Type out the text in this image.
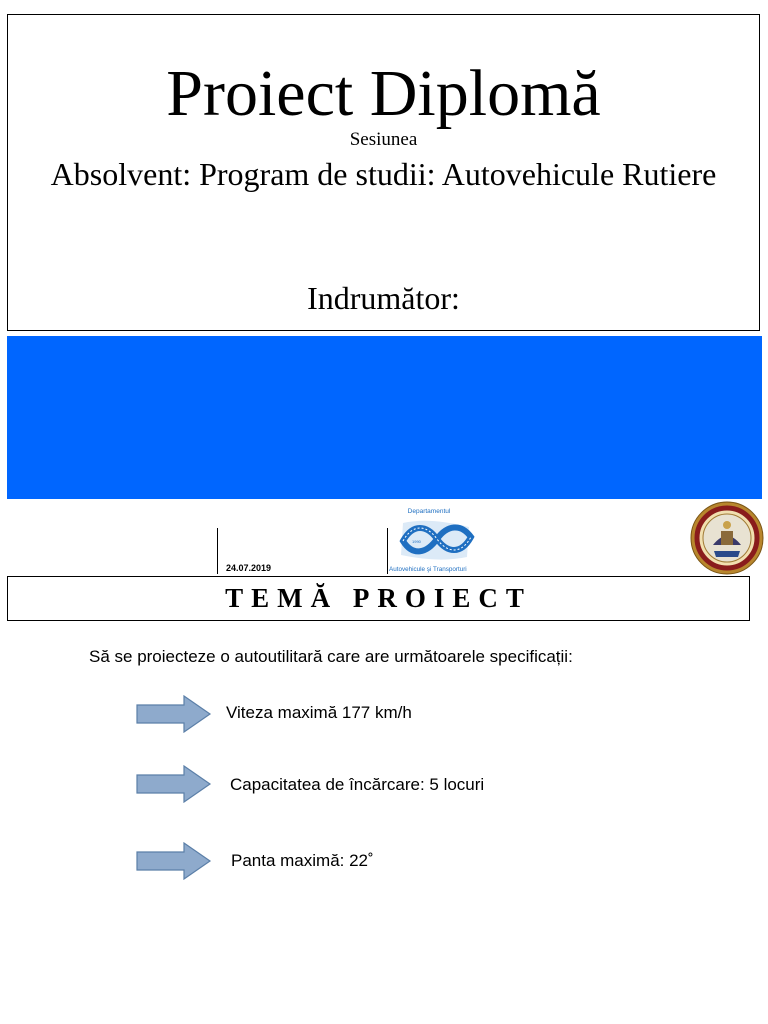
Proiect Diplomă
Sesiunea
Absolvent: Program de studii: Autovehicule Rutiere
Indrumător:
24.07.2019
Departamentul
1990
Autovehicule şi Transporturi
TEMĂ PROIECT
Să se proiecteze o autoutilitară care are următoarele specificații:
Viteza maximă 177 km/h
Capacitatea de încărcare: 5 locuri
Panta maximă: 22˚
